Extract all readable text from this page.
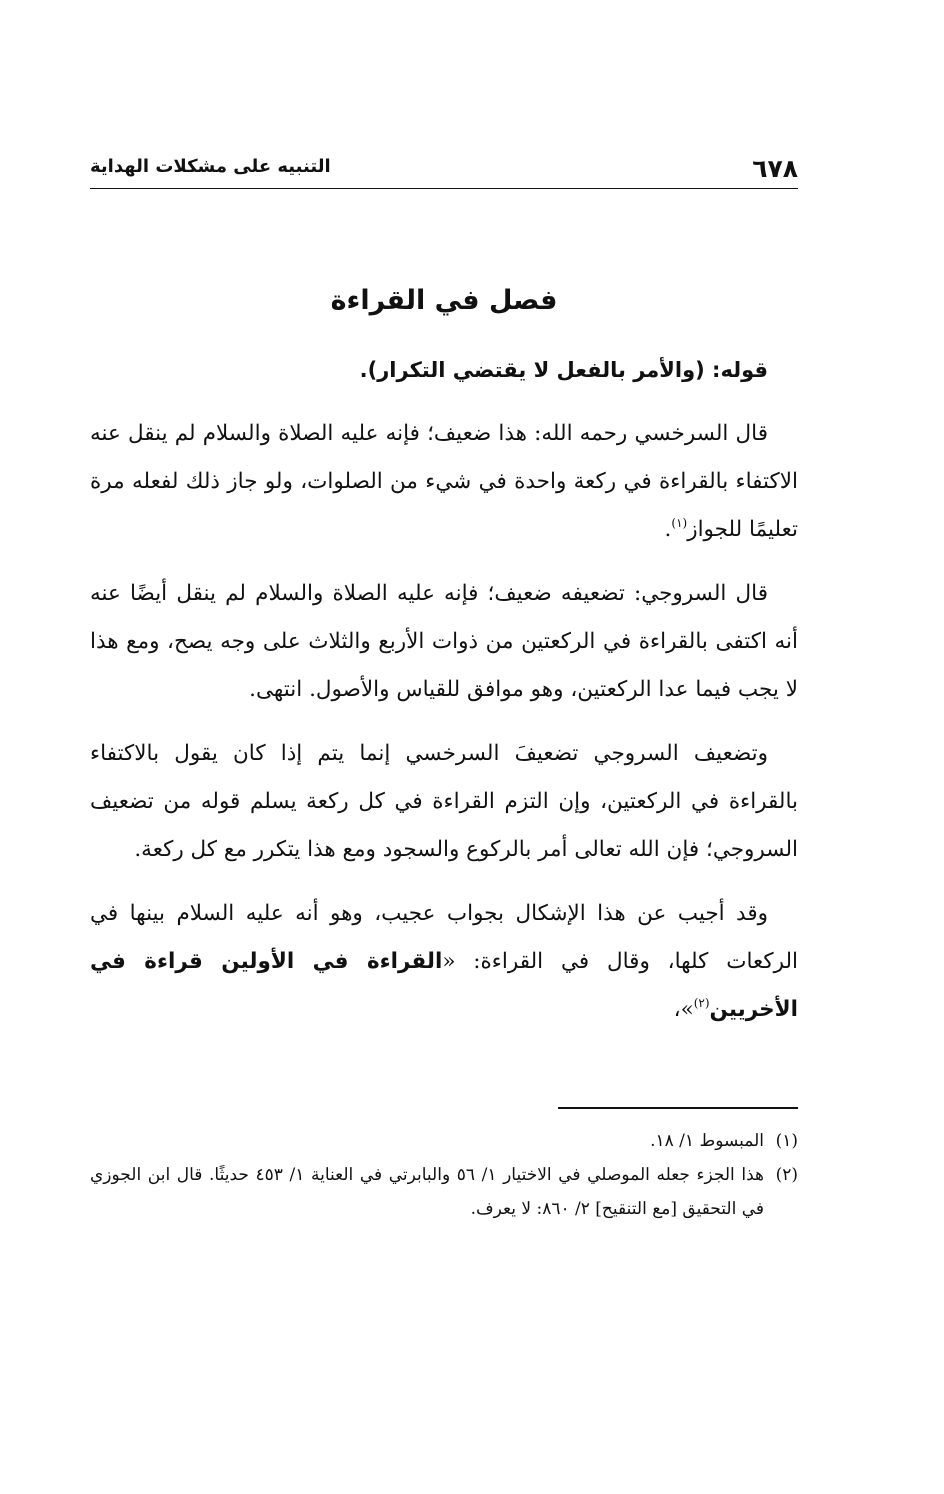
٦٧٨
التنبيه على مشكلات الهداية
فصل في القراءة

قوله: (والأمر بالفعل لا يقتضي التكرار).

قال السرخسي رحمه الله: هذا ضعيف؛ فإنه عليه الصلاة والسلام لم ينقل عنه الاكتفاء بالقراءة في ركعة واحدة في شيء من الصلوات، ولو جاز ذلك لفعله مرة تعليمًا للجواز$^{(١)}$.

قال السروجي: تضعيفه ضعيف؛ فإنه عليه الصلاة والسلام لم ينقل أيضًا عنه أنه اكتفى بالقراءة في الركعتين من ذوات الأربع والثلاث على وجه يصح، ومع هذا لا يجب فيما عدا الركعتين، وهو موافق للقياس والأصول. انتهى.

وتضعيف السروجي تضعيفَ السرخسي إنما يتم إذا كان يقول بالاكتفاء بالقراءة في الركعتين، وإن التزم القراءة في كل ركعة يسلم قوله من تضعيف السروجي؛ فإن الله تعالى أمر بالركوع والسجود ومع هذا يتكرر مع كل ركعة.

وقد أجيب عن هذا الإشكال بجواب عجيب، وهو أنه عليه السلام بينها في الركعات كلها، وقال في القراءة: «القراءة في الأولين قراءة في الأخريين$^{(٢)}$»،

(١)
المبسوط ١/ ١٨.

(٢)
هذا الجزء جعله الموصلي في الاختيار ١/ ٥٦ والبابرتي في العناية ١/ ٤٥٣ حديثًا. قال ابن الجوزي في التحقيق [مع التنقيح] ٢/ ٨٦٠: لا يعرف.
